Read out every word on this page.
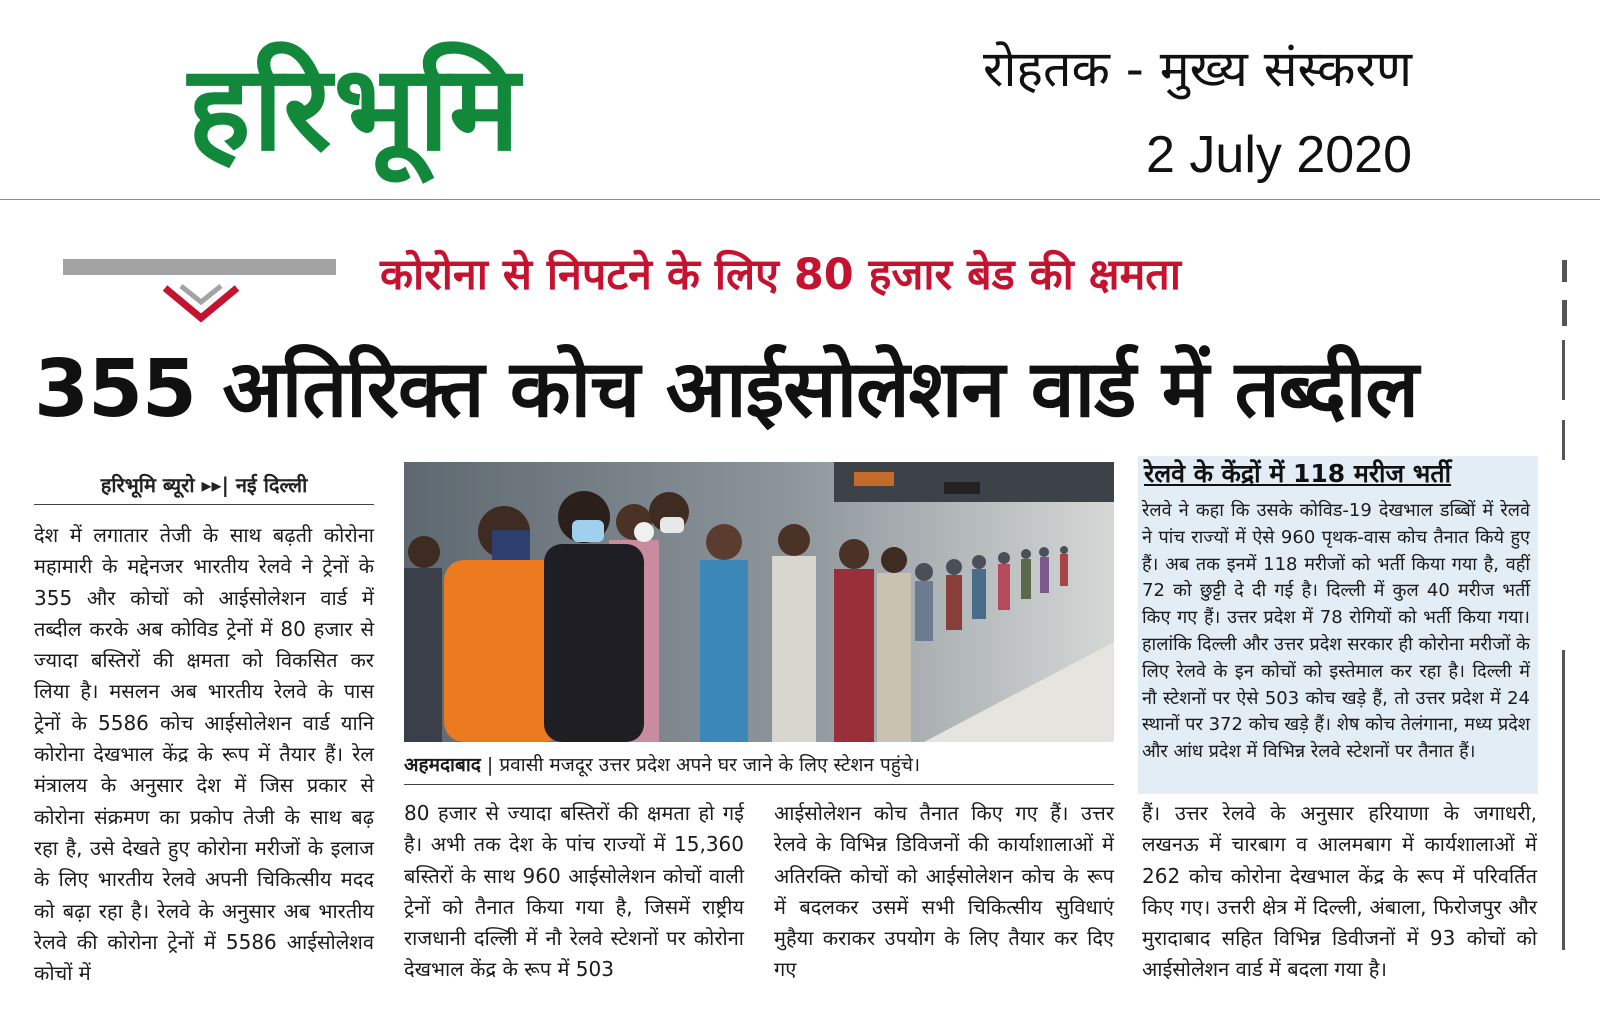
हरिभूमि	रोहतक - मुख्य संस्करण
2 July 2020
कोरोना से निपटने के लिए 80 हजार बेड की क्षमता
355 अतिरिक्त कोच आईसोलेशन वार्ड में तब्दील
हरिभूमि ब्यूरो ▸▸| नई दिल्ली
देश में लगातार तेजी के साथ बढ़ती कोरोना महामारी के मद्देनजर भारतीय रेलवे ने ट्रेनों के 355 और कोचों को आईसोलेशन वार्ड में तब्दील करके अब कोविड ट्रेनों में 80 हजार से ज्यादा बस्तिरों की क्षमता को विकसित कर लिया है। मसलन अब भारतीय रेलवे के पास ट्रेनों के 5586 कोच आईसोलेशन वार्ड यानि कोरोना देखभाल केंद्र के रूप में तैयार हैं। रेल मंत्रालय के अनुसार देश में जिस प्रकार से कोरोना संक्रमण का प्रकोप तेजी के साथ बढ़ रहा है, उसे देखते हुए कोरोना मरीजों के इलाज के लिए भारतीय रेलवे अपनी चिकित्सीय मदद को बढ़ा रहा है। रेलवे के अनुसार अब भारतीय रेलवे की कोरोना ट्रेनों में 5586 आईसोलेशव कोचों में
अहमदाबाद | प्रवासी मजदूर उत्तर प्रदेश अपने घर जाने के लिए स्टेशन पहुंचे।
रेलवे के केंद्रों में 118 मरीज भर्ती
रेलवे ने कहा कि उसके कोविड-19 देखभाल डब्बिों में रेलवे ने पांच राज्यों में ऐसे 960 पृथक-वास कोच तैनात किये हुए हैं। अब तक इनमें 118 मरीजों को भर्ती किया गया है, वहीं 72 को छुट्टी दे दी गई है। दिल्ली में कुल 40 मरीज भर्ती किए गए हैं। उत्तर प्रदेश में 78 रोगियों को भर्ती किया गया। हालांकि दिल्ली और उत्तर प्रदेश सरकार ही कोरोना मरीजों के लिए रेलवे के इन कोचों को इस्तेमाल कर रहा है। दिल्ली में नौ स्टेशनों पर ऐसे 503 कोच खड़े हैं, तो उत्तर प्रदेश में 24 स्थानों पर 372 कोच खड़े हैं। शेष कोच तेलंगाना, मध्य प्रदेश और आंध प्रदेश में विभिन्न रेलवे स्टेशनों पर तैनात हैं।
80 हजार से ज्यादा बस्तिरों की क्षमता हो गई है। अभी तक देश के पांच राज्यों में 15,360 बस्तिरों के साथ 960 आईसोलेशन कोचों वाली ट्रेनों को तैनात किया गया है, जिसमें राष्ट्रीय राजधानी दल्लिी में नौ रेलवे स्टेशनों पर कोरोना देखभाल केंद्र के रूप में 503
आईसोलेशन कोच तैनात किए गए हैं। उत्तर रेलवे के विभिन्न डिविजनों की कार्याशालाओं में अतिरक्ति कोचों को आईसोलेशन कोच के रूप में बदलकर उसमें सभी चिकित्सीय सुविधाएं मुहैया कराकर उपयोग के लिए तैयार कर दिए गए
हैं। उत्तर रेलवे के अनुसार हरियाणा के जगाधरी, लखनऊ में चारबाग व आलमबाग में कार्यशालाओं में 262 कोच कोरोना देखभाल केंद्र के रूप में परिवर्तित किए गए। उत्तरी क्षेत्र में दिल्ली, अंबाला, फिरोजपुर और मुरादाबाद सहित विभिन्न डिवीजनों में 93 कोचों को आईसोलेशन वार्ड में बदला गया है।
